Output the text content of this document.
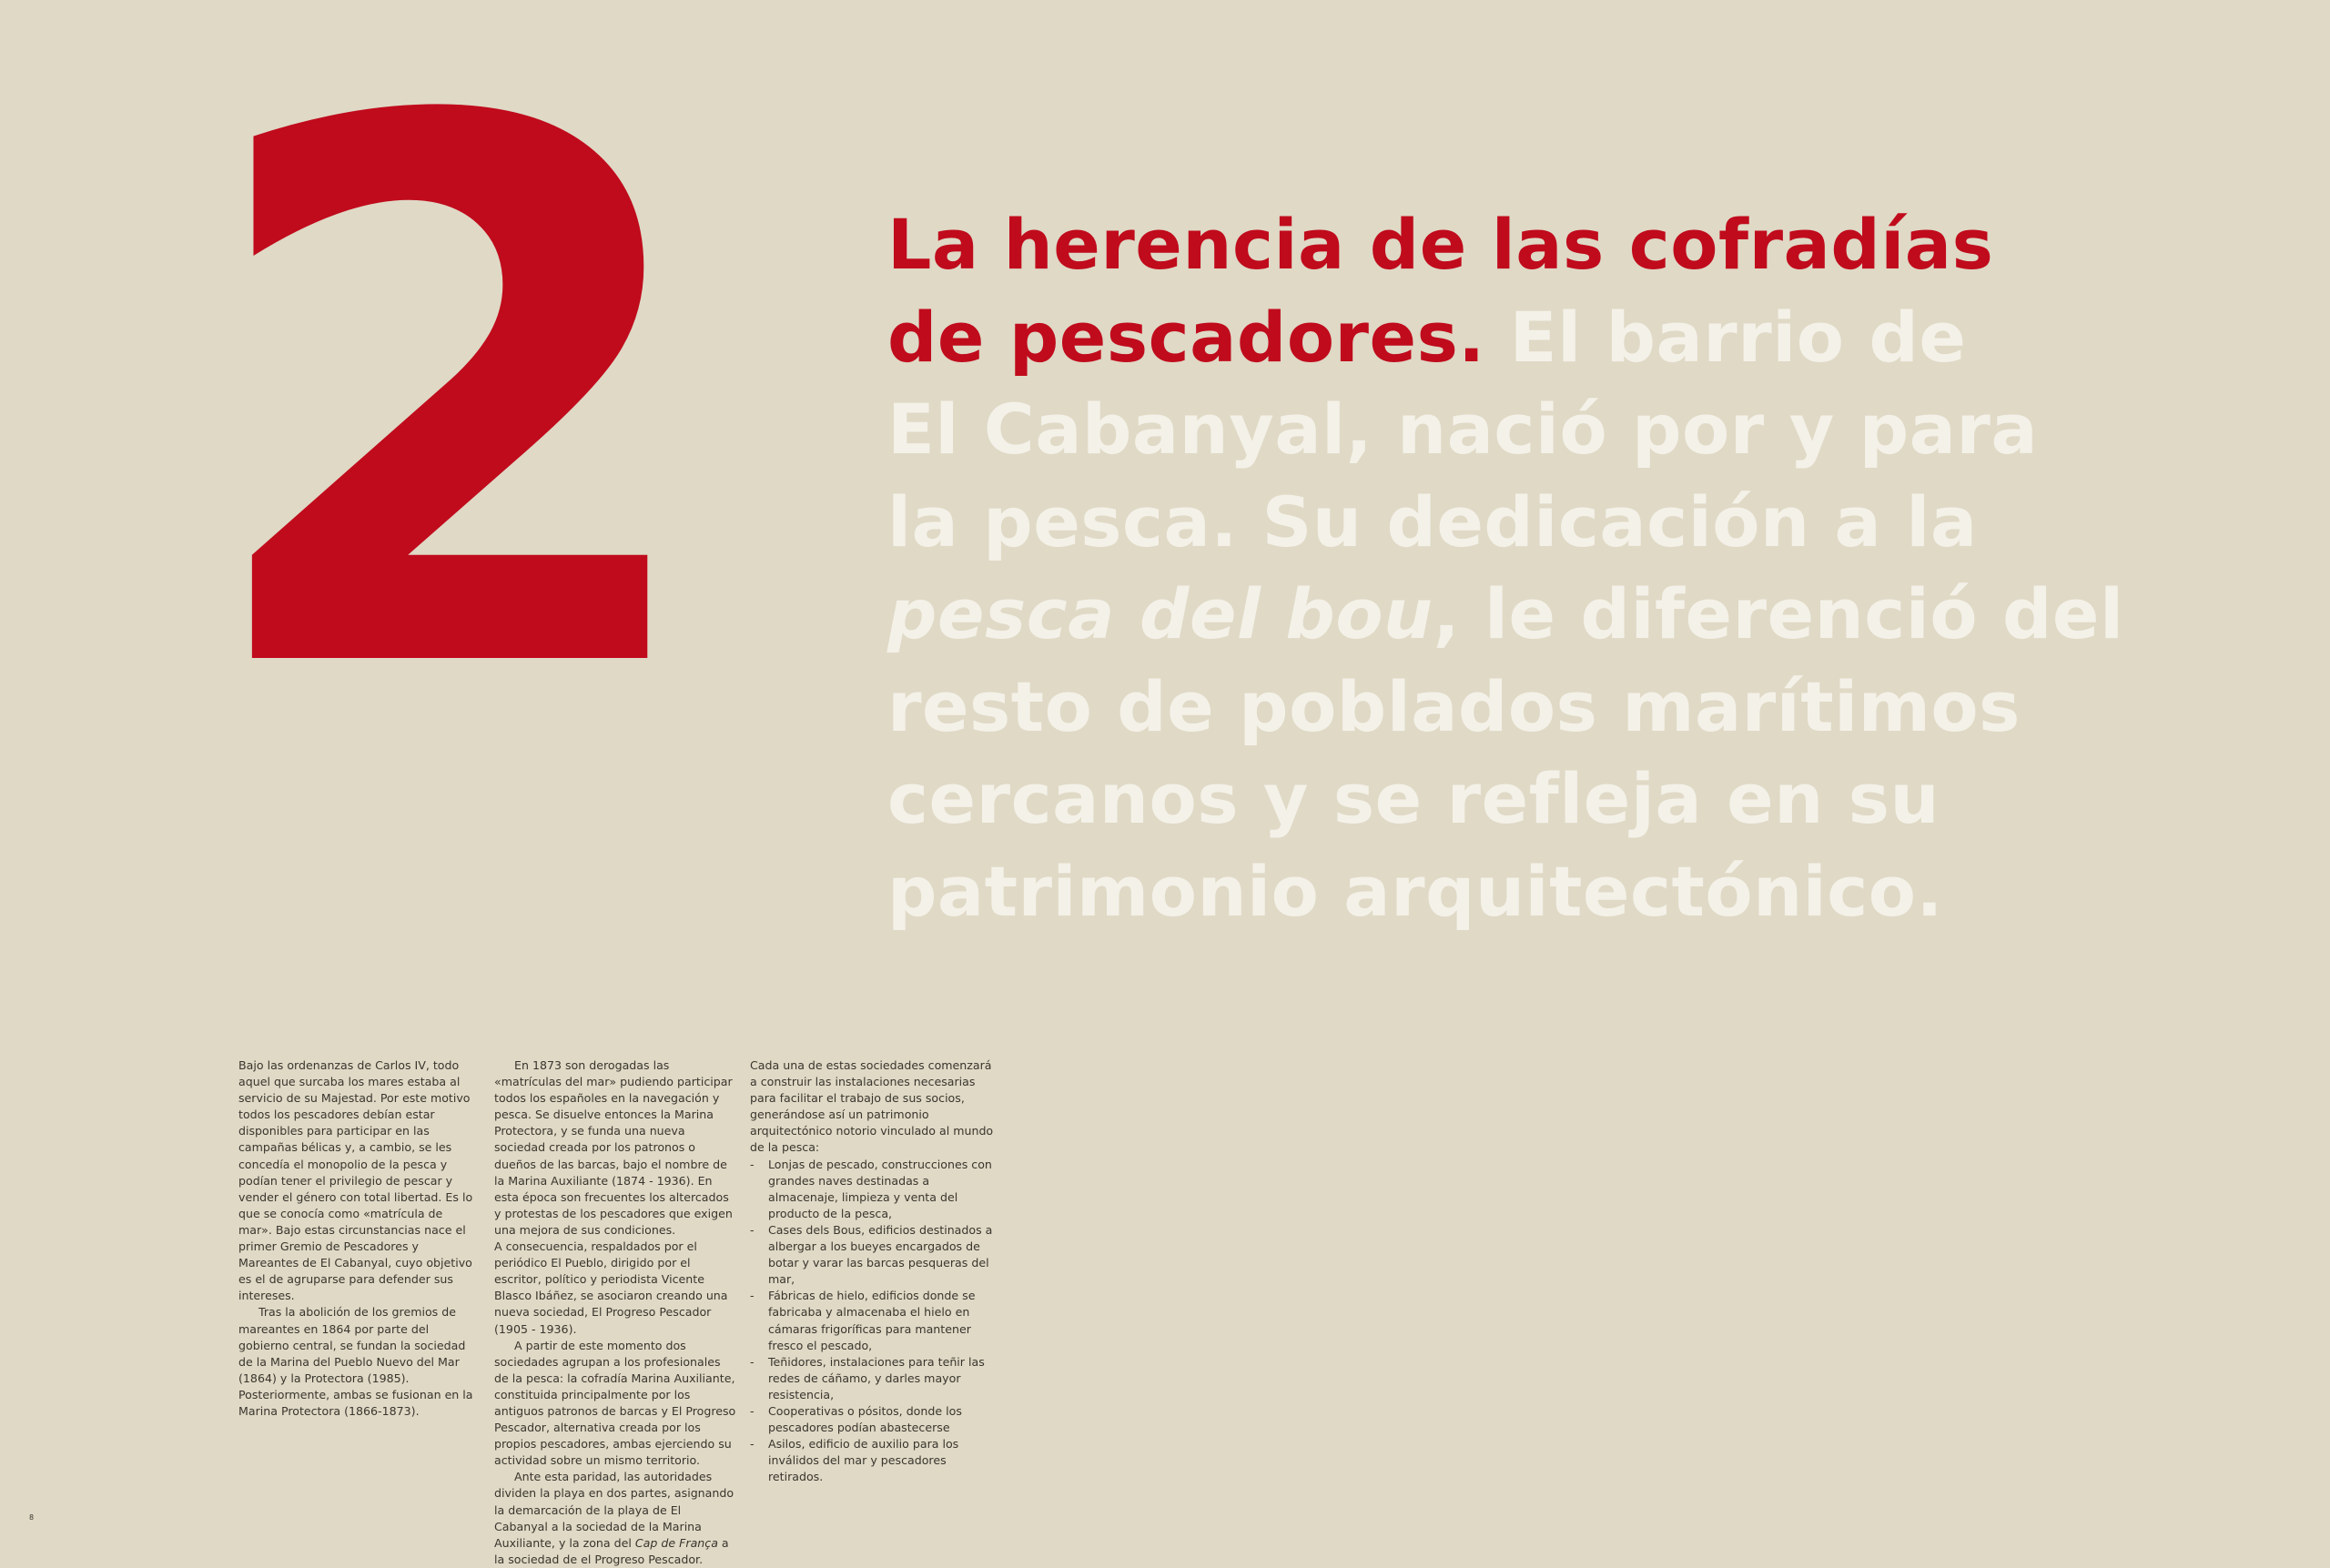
2	La herencia de las cofradías
de pescadores. El barrio de
El Cabanyal, nació por y para
la pesca. Su dedicación a la
pesca del bou, le diferenció del
resto de poblados marítimos
cercanos y se refleja en su
patrimonio arquitectónico.

Bajo las ordenanzas de Carlos IV, todo aquel que surcaba los mares estaba al servicio de su Majestad. Por este motivo todos los pescadores debían estar disponibles para participar en las campañas bélicas y, a cambio, se les concedía el monopolio de la pesca y podían tener el privilegio de pescar y vender el género con total libertad. Es lo que se conocía como «matrícula de mar». Bajo estas circunstancias nace el primer Gremio de Pescadores y Mareantes de El Cabanyal, cuyo objetivo es el de agruparse para defender sus intereses.

Tras la abolición de los gremios de mareantes en 1864 por parte del gobierno central, se fundan la sociedad de la Marina del Pueblo Nuevo del Mar (1864) y la Protectora (1985). Posteriormente, ambas se fusionan en la Marina Protectora (1866-1873).

En 1873 son derogadas las «matrículas del mar» pudiendo participar todos los españoles en la navegación y pesca. Se disuelve entonces la Marina Protectora, y se funda una nueva sociedad creada por los patronos o dueños de las barcas, bajo el nombre de la Marina Auxiliante (1874 - 1936). En esta época son frecuentes los altercados y protestas de los pescadores que exigen una mejora de sus condiciones.

A consecuencia, respaldados por el periódico El Pueblo, dirigido por el escritor, político y periodista Vicente Blasco Ibáñez, se asociaron creando una nueva sociedad, El Progreso Pescador (1905 - 1936).

A partir de este momento dos sociedades agrupan a los profesionales de la pesca: la cofradía Marina Auxiliante, constituida principalmente por los antiguos patronos de barcas y El Progreso Pescador, alternativa creada por los propios pescadores, ambas ejerciendo su actividad sobre un mismo territorio.

Ante esta paridad, las autoridades dividen la playa en dos partes, asignando la demarcación de la playa de El Cabanyal a la sociedad de la Marina Auxiliante, y la zona del Cap de França a la sociedad de el Progreso Pescador.

Cada una de estas sociedades comenzará a construir las instalaciones necesarias para facilitar el trabajo de sus socios, generándose así un patrimonio arquitectónico notorio vinculado al mundo de la pesca:

- Lonjas de pescado, construcciones con grandes naves destinadas a almacenaje, limpieza y venta del producto de la pesca,
- Cases dels Bous, edificios destinados a albergar a los bueyes encargados de botar y varar las barcas pesqueras del mar,
- Fábricas de hielo, edificios donde se fabricaba y almacenaba el hielo en cámaras frigoríficas para mantener fresco el pescado,
- Teñidores, instalaciones para teñir las redes de cáñamo, y darles mayor resistencia,
- Cooperativas o pósitos, donde los pescadores podían abastecerse
- Asilos, edificio de auxilio para los inválidos del mar y pescadores retirados.
8
